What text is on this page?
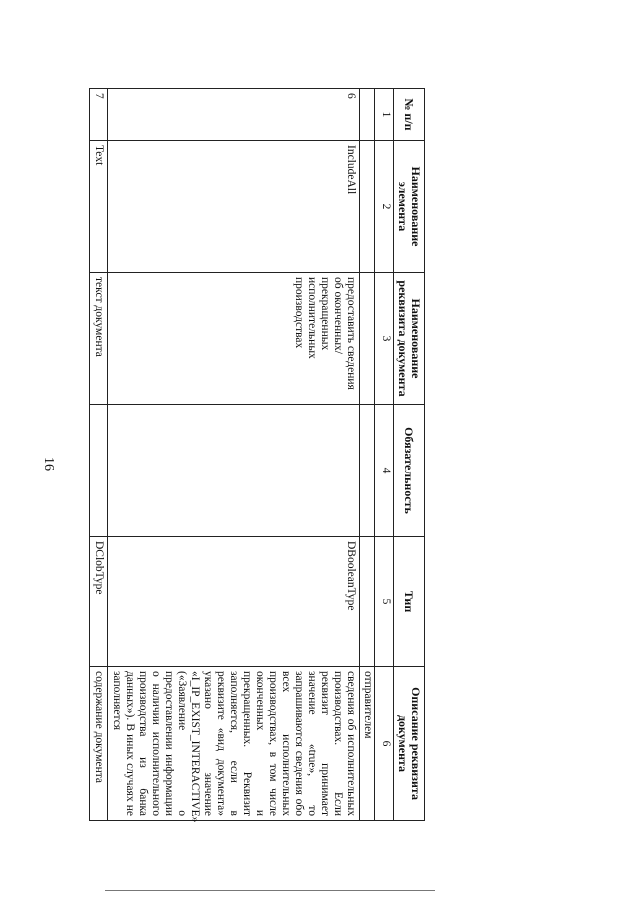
16
№ п/п	Наименование элемента	Наименование реквизита документа	Обязательность	Тип	Описание реквизита документа
1	2	3	4	5	6
					отправителем
6	IncludeAll	предоставить сведения об оконченных/ прекращенных исполнительных производствах		DBooleanType	сведения об исполнительных производствах. Если реквизит принимает значение «true», то запрашиваются сведения обо всех исполнительных производствах, в том числе оконченных и прекращенных. Реквизит заполняется, если в реквизите «вид документа» указано значение «I_IP_EXIST_INTERACTIVE» («Заявление о предоставлении информации о наличии исполнительного производства из банка данных»). В иных случаях не заполняется
7	Text	текст документа		DClobType	содержание документа
